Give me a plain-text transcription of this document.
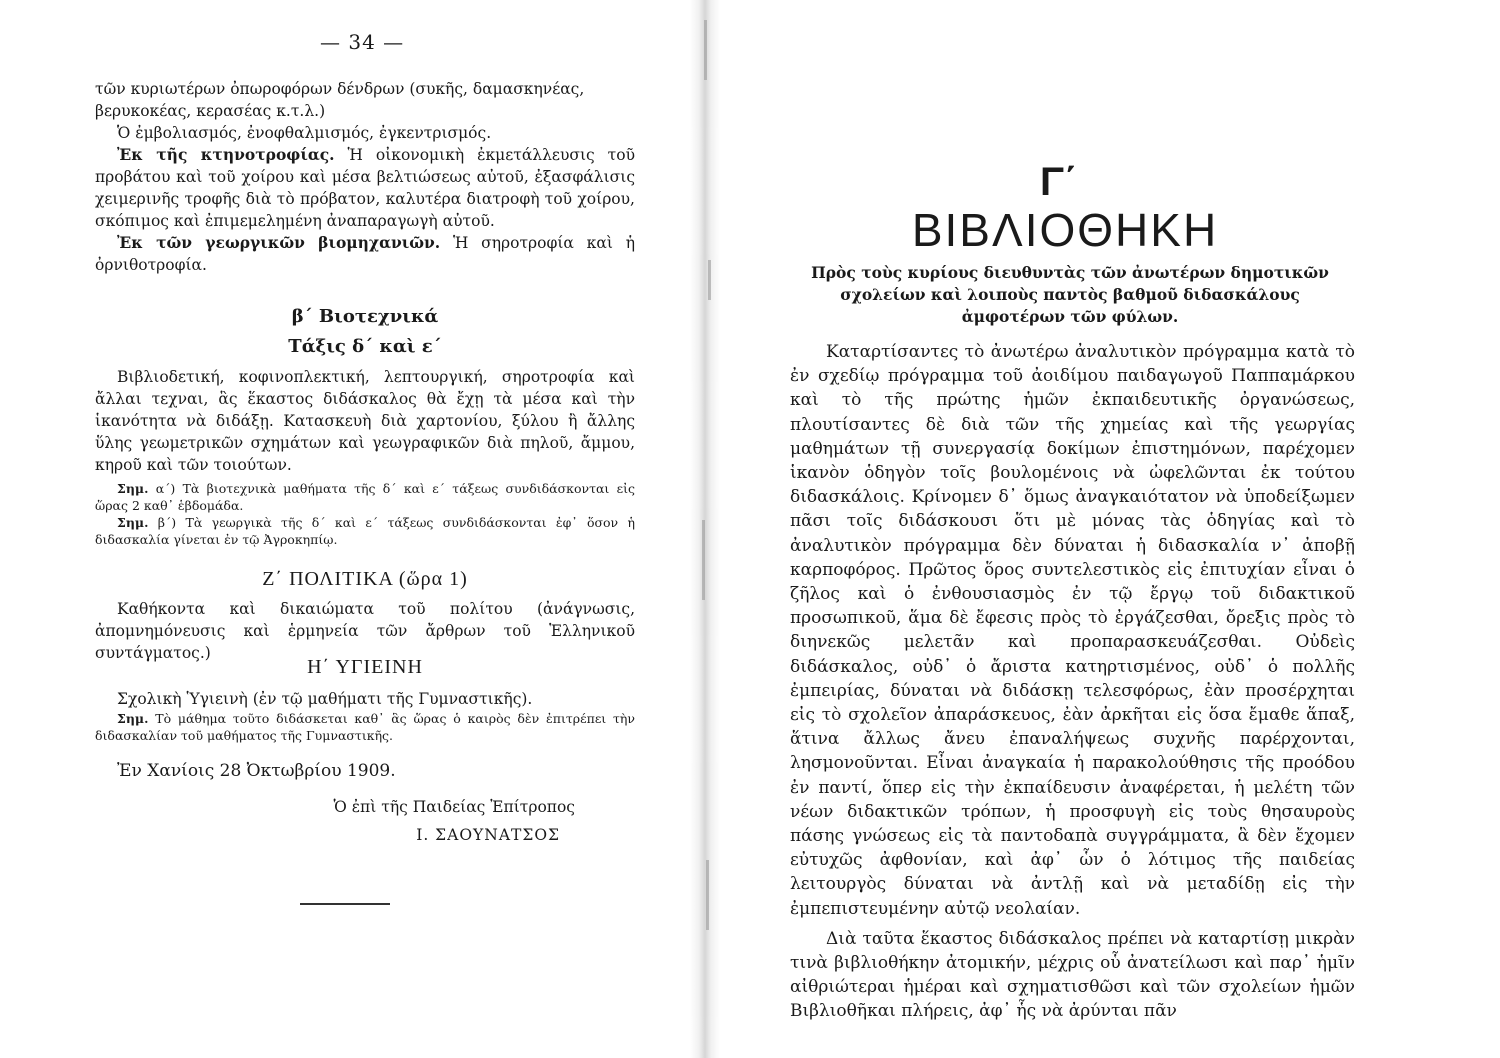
— 34 —

τῶν κυριωτέρων ὀπωροφόρων δένδρων (συκῆς, δαμασκηνέας,

βερυκοκέας, κερασέας κ.τ.λ.)

Ὁ ἐμβολιασμός, ἐνοφθαλμισμός, ἐγκεντρισμός.

Ἐκ τῆς κτηνοτροφίας. Ἡ οἰκονομικὴ ἐκμετάλλευσις τοῦ προβάτου καὶ τοῦ χοίρου καὶ μέσα βελτιώσεως αὐτοῦ, ἐξασφάλισις χειμερινῆς τροφῆς διὰ τὸ πρόβατον, καλυτέρα διατροφὴ τοῦ χοίρου, σκόπιμος καὶ ἐπιμεμελημένη ἀναπαραγωγὴ αὐτοῦ.

Ἐκ τῶν γεωργικῶν βιομηχανιῶν. Ἡ σηροτροφία καὶ ἡ ὀρνιθοτροφία.

β΄ Βιοτεχνικά

Τάξις δ΄ καὶ ε΄

Βιβλιοδετική, κοφινοπλεκτική, λεπτουργική, σηροτροφία καὶ ἄλλαι τεχναι, ἃς ἕκαστος διδάσκαλος θὰ ἔχῃ τὰ μέσα καὶ τὴν ἱκανότητα νὰ διδάξῃ. Κατασκευὴ διὰ χαρτονίου, ξύλου ἢ ἄλλης ὕλης γεωμετρικῶν σχημάτων καὶ γεωγραφικῶν διὰ πηλοῦ, ἄμμου, κηροῦ καὶ τῶν τοιούτων.

Σημ. α΄) Τὰ βιοτεχνικὰ μαθήματα τῆς δ΄ καὶ ε΄ τάξεως συνδιδάσκονται εἰς ὥρας 2 καθ᾽ ἑβδομάδα.

Σημ. β΄) Τὰ γεωργικὰ τῆς δ΄ καὶ ε΄ τάξεως συνδιδάσκονται ἐφ᾽ ὅσον ἡ διδασκαλία γίνεται ἐν τῷ Ἀγροκηπίῳ.

Ζ΄ ΠΟΛΙΤΙΚΑ (ὥρα 1)

Καθήκοντα καὶ δικαιώματα τοῦ πολίτου (ἀνάγνωσις, ἀπομνημόνευσις καὶ ἑρμηνεία τῶν ἄρθρων τοῦ Ἑλληνικοῦ συντάγματος.)

Η΄ ΥΓΙΕΙΝΗ

Σχολικὴ Ὑγιεινὴ (ἐν τῷ μαθήματι τῆς Γυμναστικῆς).

Σημ. Τὸ μάθημα τοῦτο διδάσκεται καθ᾽ ἃς ὥρας ὁ καιρὸς δὲν ἐπιτρέπει τὴν διδασκαλίαν τοῦ μαθήματος τῆς Γυμναστικῆς.

Ἐν Χανίοις 28 Ὀκτωβρίου 1909.

Ὁ ἐπὶ τῆς Παιδείας Ἐπίτροπος

Ι. ΣΑΟΥΝΑΤΣΟΣ

Γ΄
ΒΙΒΛΙΟΘΗΚΗ
Πρὸς τοὺς κυρίους διευθυντὰς τῶν ἀνωτέρων δημοτικῶν σχολείων καὶ λοιποὺς παντὸς βαθμοῦ διδασκάλους ἀμφοτέρων τῶν φύλων.

Καταρτίσαντες τὸ ἀνωτέρω ἀναλυτικὸν πρόγραμμα κατὰ τὸ ἐν σχεδίῳ πρόγραμμα τοῦ ἀοιδίμου παιδαγωγοῦ Παππαμάρκου καὶ τὸ τῆς πρώτης ἡμῶν ἐκπαιδευτικῆς ὀργανώσεως, πλουτίσαντες δὲ διὰ τῶν τῆς χημείας καὶ τῆς γεωργίας μαθημάτων τῇ συνεργασίᾳ δοκίμων ἐπιστημόνων, παρέχομεν ἱκανὸν ὁδηγὸν τοῖς βουλομένοις νὰ ὠφελῶνται ἐκ τούτου διδασκάλοις. Κρίνομεν δ᾽ ὅμως ἀναγκαιότατον νὰ ὑποδείξωμεν πᾶσι τοῖς διδάσκουσι ὅτι μὲ μόνας τὰς ὁδηγίας καὶ τὸ ἀναλυτικὸν πρόγραμμα δὲν δύναται ἡ διδασκαλία ν᾽ ἀποβῇ καρποφόρος. Πρῶτος ὅρος συντελεστικὸς εἰς ἐπιτυχίαν εἶναι ὁ ζῆλος καὶ ὁ ἐνθουσιασμὸς ἐν τῷ ἔργῳ τοῦ διδακτικοῦ προσωπικοῦ, ἅμα δὲ ἔφεσις πρὸς τὸ ἐργάζεσθαι, ὄρεξις πρὸς τὸ διηνεκῶς μελετᾶν καὶ προπαρασκευάζεσθαι. Οὐδεὶς διδάσκαλος, οὐδ᾽ ὁ ἄριστα κατηρτισμένος, οὐδ᾽ ὁ πολλῆς ἐμπειρίας, δύναται νὰ διδάσκῃ τελεσφόρως, ἐὰν προσέρχηται εἰς τὸ σχολεῖον ἀπαράσκευος, ἐὰν ἀρκῆται εἰς ὅσα ἔμαθε ἅπαξ, ἅτινα ἄλλως ἄνευ ἐπαναλήψεως συχνῆς παρέρχονται, λησμονοῦνται. Εἶναι ἀναγκαία ἡ παρακολούθησις τῆς προόδου ἐν παντί, ὅπερ εἰς τὴν ἐκπαίδευσιν ἀναφέρεται, ἡ μελέτη τῶν νέων διδακτικῶν τρόπων, ἡ προσφυγὴ εἰς τοὺς θησαυροὺς πάσης γνώσεως εἰς τὰ παντοδαπὰ συγγράμματα, ἃ δὲν ἔχομεν εὐτυχῶς ἀφθονίαν, καὶ ἀφ᾽ ὧν ὁ λότιμος τῆς παιδείας λειτουργὸς δύναται νὰ ἀντλῇ καὶ νὰ μεταδίδῃ εἰς τὴν ἐμπεπιστευμένην αὐτῷ νεολαίαν.

Διὰ ταῦτα ἕκαστος διδάσκαλος πρέπει νὰ καταρτίσῃ μικρὰν τινὰ βιβλιοθήκην ἀτομικήν, μέχρις οὗ ἀνατείλωσι καὶ παρ᾽ ἡμῖν αἰθριώτεραι ἡμέραι καὶ σχηματισθῶσι καὶ τῶν σχολείων ἡμῶν Βιβλιοθῆκαι πλήρεις, ἀφ᾽ ἧς νὰ ἀρύνται πᾶν
